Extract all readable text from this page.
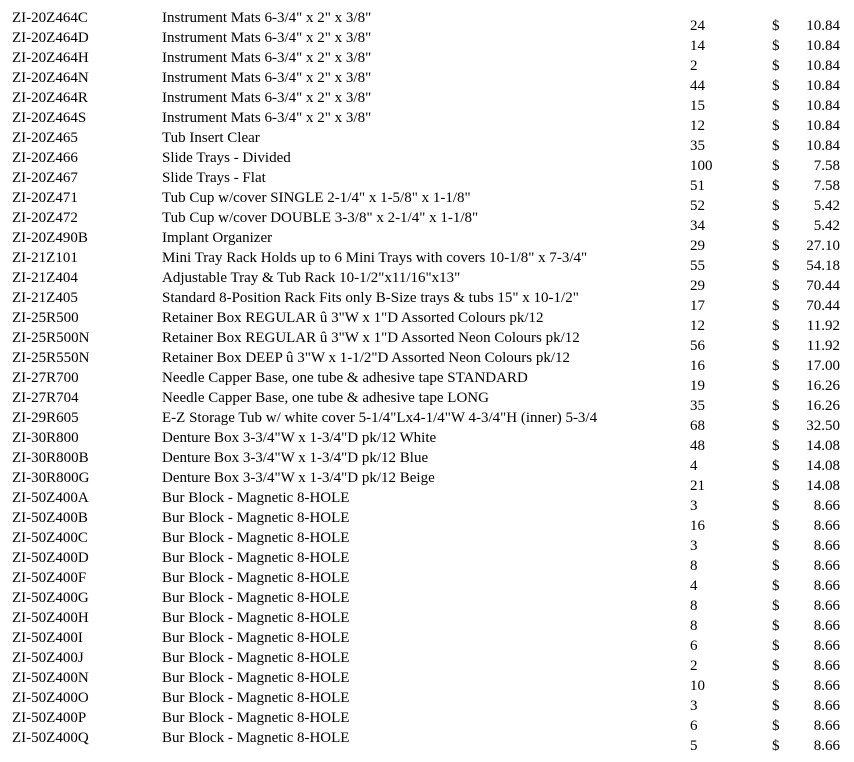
ZI-20Z464C	Instrument Mats 6-3/4" x 2" x 3/8"	24	$	10.84
ZI-20Z464D	Instrument Mats 6-3/4" x 2" x 3/8"	14	$	10.84
ZI-20Z464H	Instrument Mats 6-3/4" x 2" x 3/8"	2	$	10.84
ZI-20Z464N	Instrument Mats 6-3/4" x 2" x 3/8"	44	$	10.84
ZI-20Z464R	Instrument Mats 6-3/4" x 2" x 3/8"	15	$	10.84
ZI-20Z464S	Instrument Mats 6-3/4" x 2" x 3/8"	12	$	10.84
ZI-20Z465	Tub Insert Clear	35	$	10.84
ZI-20Z466	Slide Trays - Divided	100	$	7.58
ZI-20Z467	Slide Trays - Flat	51	$	7.58
ZI-20Z471	Tub Cup w/cover SINGLE 2-1/4" x 1-5/8" x 1-1/8"	52	$	5.42
ZI-20Z472	Tub Cup w/cover DOUBLE 3-3/8" x 2-1/4" x 1-1/8"	34	$	5.42
ZI-20Z490B	Implant Organizer	29	$	27.10
ZI-21Z101	Mini Tray Rack Holds up to 6 Mini Trays with covers 10-1/8" x 7-3/4"	55	$	54.18
ZI-21Z404	Adjustable Tray & Tub Rack 10-1/2"x11/16"x13"	29	$	70.44
ZI-21Z405	Standard 8-Position Rack Fits only B-Size trays & tubs 15" x 10-1/2"	17	$	70.44
ZI-25R500	Retainer Box REGULAR û 3"W x 1"D Assorted Colours pk/12	12	$	11.92
ZI-25R500N	Retainer Box REGULAR û 3"W x 1"D Assorted Neon Colours pk/12	56	$	11.92
ZI-25R550N	Retainer Box DEEP û 3"W x 1-1/2"D Assorted Neon Colours pk/12	16	$	17.00
ZI-27R700	Needle Capper Base, one tube & adhesive tape STANDARD	19	$	16.26
ZI-27R704	Needle Capper Base, one tube & adhesive tape LONG	35	$	16.26
ZI-29R605	E-Z Storage Tub w/ white cover 5-1/4"Lx4-1/4"W 4-3/4"H (inner) 5-3/4	68	$	32.50
ZI-30R800	Denture Box 3-3/4"W x 1-3/4"D pk/12 White	48	$	14.08
ZI-30R800B	Denture Box 3-3/4"W x 1-3/4"D pk/12 Blue	4	$	14.08
ZI-30R800G	Denture Box 3-3/4"W x 1-3/4"D pk/12 Beige	21	$	14.08
ZI-50Z400A	Bur Block - Magnetic 8-HOLE	3	$	8.66
ZI-50Z400B	Bur Block - Magnetic 8-HOLE	16	$	8.66
ZI-50Z400C	Bur Block - Magnetic 8-HOLE	3	$	8.66
ZI-50Z400D	Bur Block - Magnetic 8-HOLE	8	$	8.66
ZI-50Z400F	Bur Block - Magnetic 8-HOLE	4	$	8.66
ZI-50Z400G	Bur Block - Magnetic 8-HOLE	8	$	8.66
ZI-50Z400H	Bur Block - Magnetic 8-HOLE	8	$	8.66
ZI-50Z400I	Bur Block - Magnetic 8-HOLE	6	$	8.66
ZI-50Z400J	Bur Block - Magnetic 8-HOLE	2	$	8.66
ZI-50Z400N	Bur Block - Magnetic 8-HOLE	10	$	8.66
ZI-50Z400O	Bur Block - Magnetic 8-HOLE	3	$	8.66
ZI-50Z400P	Bur Block - Magnetic 8-HOLE	6	$	8.66
ZI-50Z400Q	Bur Block - Magnetic 8-HOLE	5	$	8.66
